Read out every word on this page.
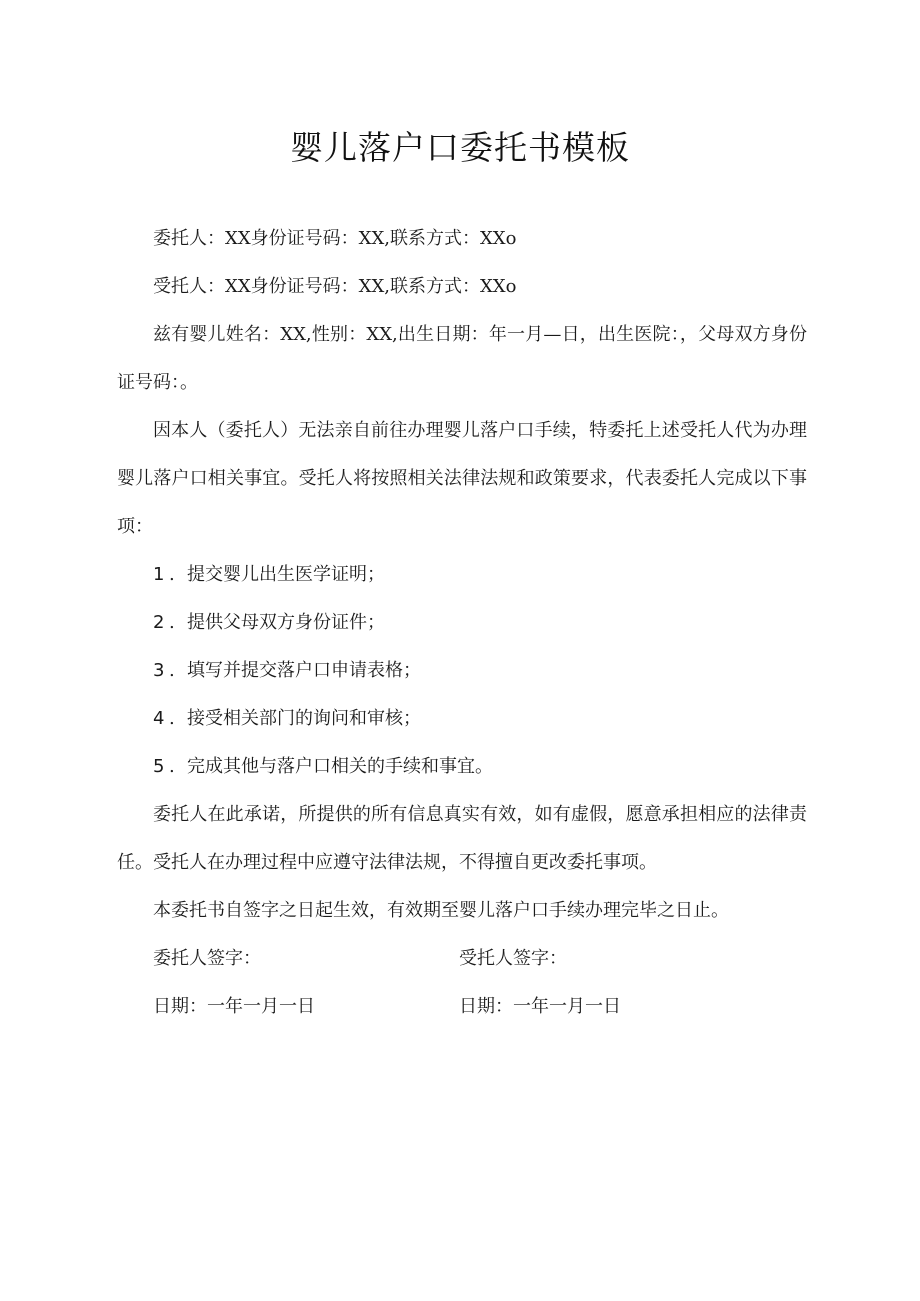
婴儿落户口委托书模板

委托人：XX身份证号码：XX,联系方式：XXo

受托人：XX身份证号码：XX,联系方式：XXo

兹有婴儿姓名：XX,性别：XX,出生日期：年一月—日，出生医院：，父母双方身份证号码：。

因本人（委托人）无法亲自前往办理婴儿落户口手续，特委托上述受托人代为办理婴儿落户口相关事宜。受托人将按照相关法律法规和政策要求，代表委托人完成以下事项：

1 . 提交婴儿出生医学证明；

2 . 提供父母双方身份证件；

3 . 填写并提交落户口申请表格；

4 . 接受相关部门的询问和审核；

5 . 完成其他与落户口相关的手续和事宜。

委托人在此承诺，所提供的所有信息真实有效，如有虚假，愿意承担相应的法律责任。受托人在办理过程中应遵守法律法规，不得擅自更改委托事项。

本委托书自签字之日起生效，有效期至婴儿落户口手续办理完毕之日止。

委托人签字：	受托人签字：
日期：一年一月一日	日期：一年一月一日
